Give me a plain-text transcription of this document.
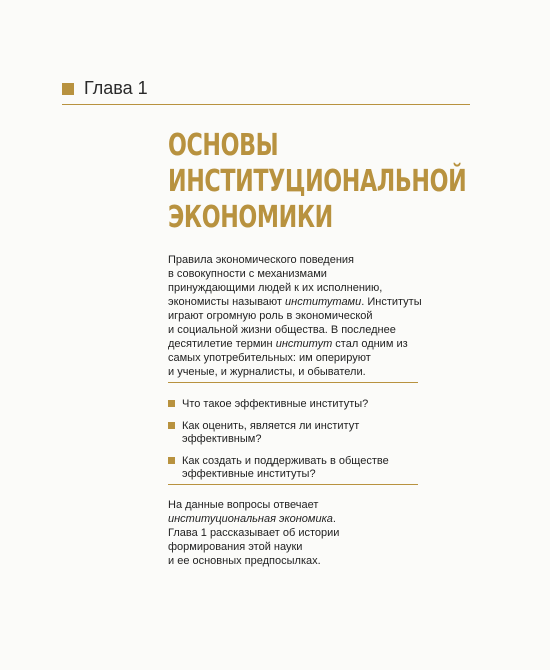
Глава 1
ОСНОВЫ
ИНСТИТУЦИОНАЛЬНОЙ
ЭКОНОМИКИ
Правила экономического поведения
в совокупности с механизмами
принуждающими людей к их исполнению,
экономисты называют институтами. Институты
играют огромную роль в экономической
и социальной жизни общества. В последнее
десятилетие термин институт стал одним из
самых употребительных: им оперируют
и ученые, и журналисты, и обыватели.
Что такое эффективные институты?
Как оценить, является ли институт
эффективным?
Как создать и поддерживать в обществе
эффективные институты?
На данные вопросы отвечает
институциональная экономика.
Глава 1 рассказывает об истории
формирования этой науки
и ее основных предпосылках.
